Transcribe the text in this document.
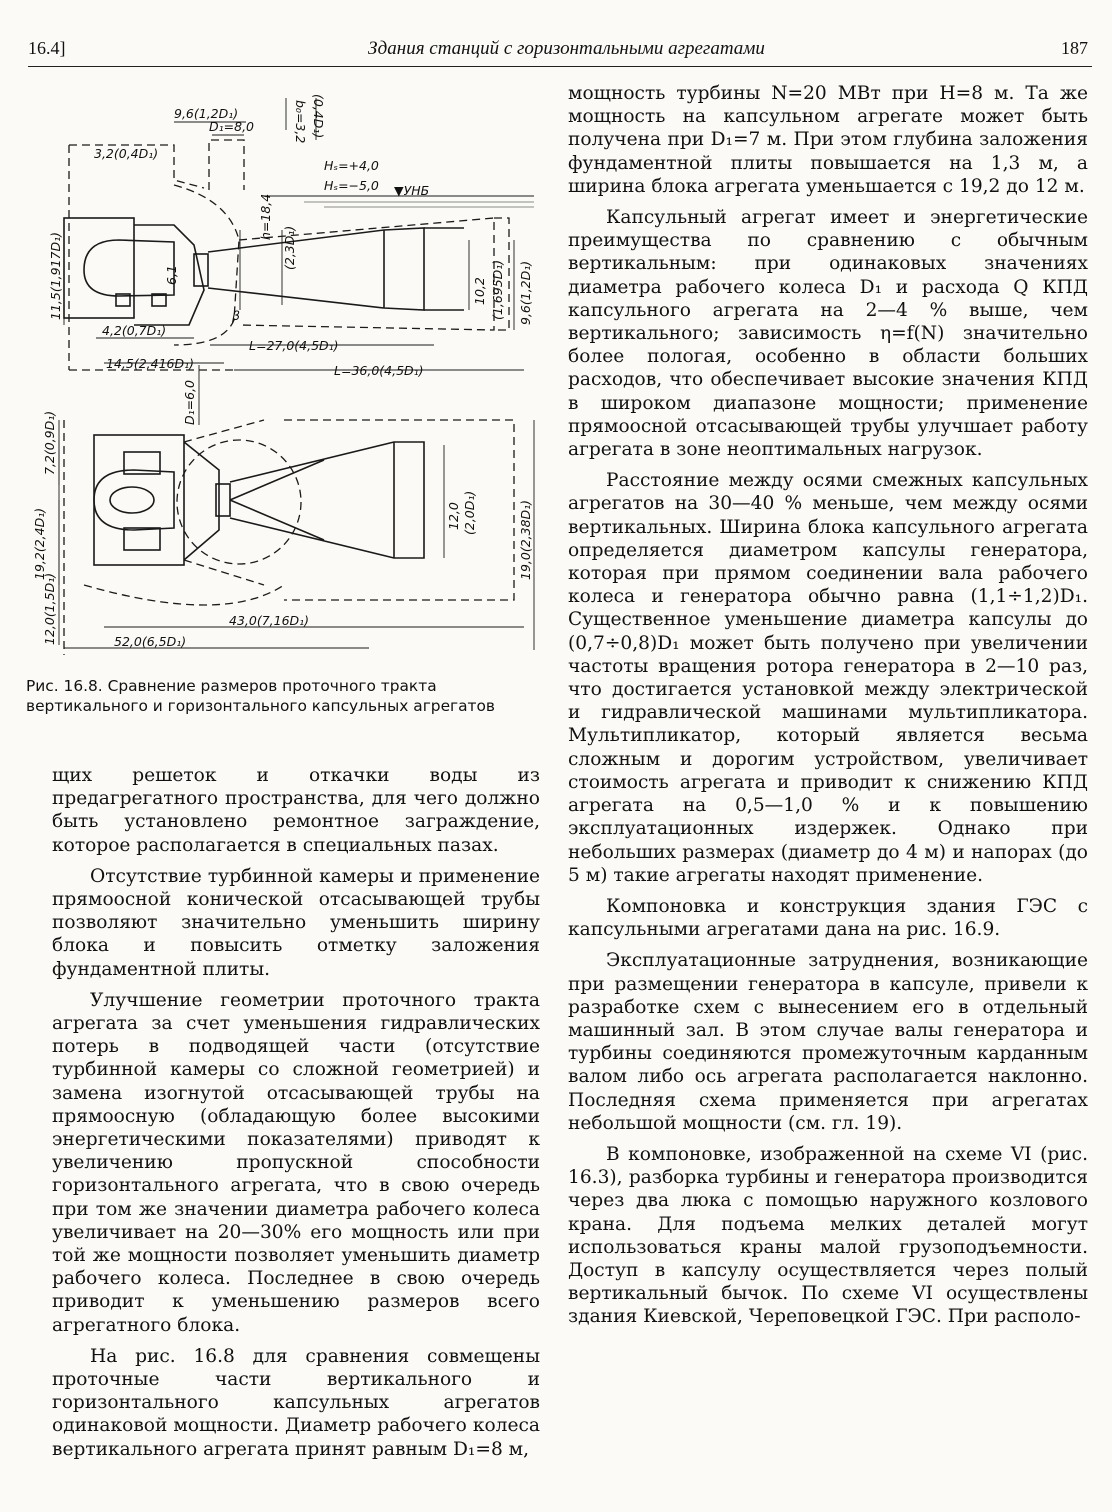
16.4]	Здания станций с горизонтальными агрегатами	187
9,6(1,2D₁)
D₁=8,0
3,2(0,4D₁)
b₀=3,2 (0,4D₁)
Hₛ=+4,0
Hₛ=−5,0 ▼УНБ
h=18,4
(2,3D₁)
11,5(1,917D₁)	6,1
10,2 (1,695D₁) 9,6(1,2D₁)
4,2(0,7D₁)
14,5(2,416D₁)
L=27,0(4,5D₁)
L=36,0(4,5D₁)
D₁=6,0
7,2(0,9D₁)
19,2(2,4D₁)
12,0(1,5D₁)
12,0 (2,0D₁)	19,0(2,38D₁)
43,0(7,16D₁)
52,0(6,5D₁)
β
Рис. 16.8. Сравнение размеров проточного тракта вертикального и горизонтального капсульных агрегатов

щих решеток и откачки воды из предагрегатного пространства, для чего должно быть установлено ремонтное заграждение, которое располагается в специальных пазах.

Отсутствие турбинной камеры и применение прямоосной конической отсасывающей трубы позволяют значительно уменьшить ширину блока и повысить отметку заложения фундаментной плиты.

Улучшение геометрии проточного тракта агрегата за счет уменьшения гидравлических потерь в подводящей части (отсутствие турбинной камеры со сложной геометрией) и замена изогнутой отсасывающей трубы на прямоосную (обладающую более высокими энергетическими показателями) приводят к увеличению пропускной способности горизонтального агрегата, что в свою очередь при том же значении диаметра рабочего колеса увеличивает на 20—30% его мощность или при той же мощности позволяет уменьшить диаметр рабочего колеса. Последнее в свою очередь приводит к уменьшению размеров всего агрегатного блока.

На рис. 16.8 для сравнения совмещены проточные части вертикального и горизонтального капсульных агрегатов одинаковой мощности. Диаметр рабочего колеса вертикального агрегата принят равным D₁=8 м,

мощность турбины N=20 МВт при H=8 м. Та же мощность на капсульном агрегате может быть получена при D₁=7 м. При этом глубина заложения фундаментной плиты повышается на 1,3 м, а ширина блока агрегата уменьшается с 19,2 до 12 м.

Капсульный агрегат имеет и энергетические преимущества по сравнению с обычным вертикальным: при одинаковых значениях диаметра рабочего колеса D₁ и расхода Q КПД капсульного агрегата на 2—4 % выше, чем вертикального; зависимость η=f(N) значительно более пологая, особенно в области больших расходов, что обеспечивает высокие значения КПД в широком диапазоне мощности; применение прямоосной отсасывающей трубы улучшает работу агрегата в зоне неоптимальных нагрузок.

Расстояние между осями смежных капсульных агрегатов на 30—40 % меньше, чем между осями вертикальных. Ширина блока капсульного агрегата определяется диаметром капсулы генератора, которая при прямом соединении вала рабочего колеса и генератора обычно равна (1,1÷1,2)D₁. Существенное уменьшение диаметра капсулы до (0,7÷0,8)D₁ может быть получено при увеличении частоты вращения ротора генератора в 2—10 раз, что достигается установкой между электрической и гидравлической машинами мультипликатора. Мультипликатор, который является весьма сложным и дорогим устройством, увеличивает стоимость агрегата и приводит к снижению КПД агрегата на 0,5—1,0 % и к повышению эксплуатационных издержек. Однако при небольших размерах (диаметр до 4 м) и напорах (до 5 м) такие агрегаты находят применение.

Компоновка и конструкция здания ГЭС с капсульными агрегатами дана на рис. 16.9.

Эксплуатационные затруднения, возникающие при размещении генератора в капсуле, привели к разработке схем с вынесением его в отдельный машинный зал. В этом случае валы генератора и турбины соединяются промежуточным карданным валом либо ось агрегата располагается наклонно. Последняя схема применяется при агрегатах небольшой мощности (см. гл. 19).

В компоновке, изображенной на схеме VI (рис. 16.3), разборка турбины и генератора производится через два люка с помощью наружного козлового крана. Для подъема мелких деталей могут использоваться краны малой грузоподъемности. Доступ в капсулу осуществляется через полый вертикальный бычок. По схеме VI осуществлены здания Киевской, Череповецкой ГЭС. При располо-
